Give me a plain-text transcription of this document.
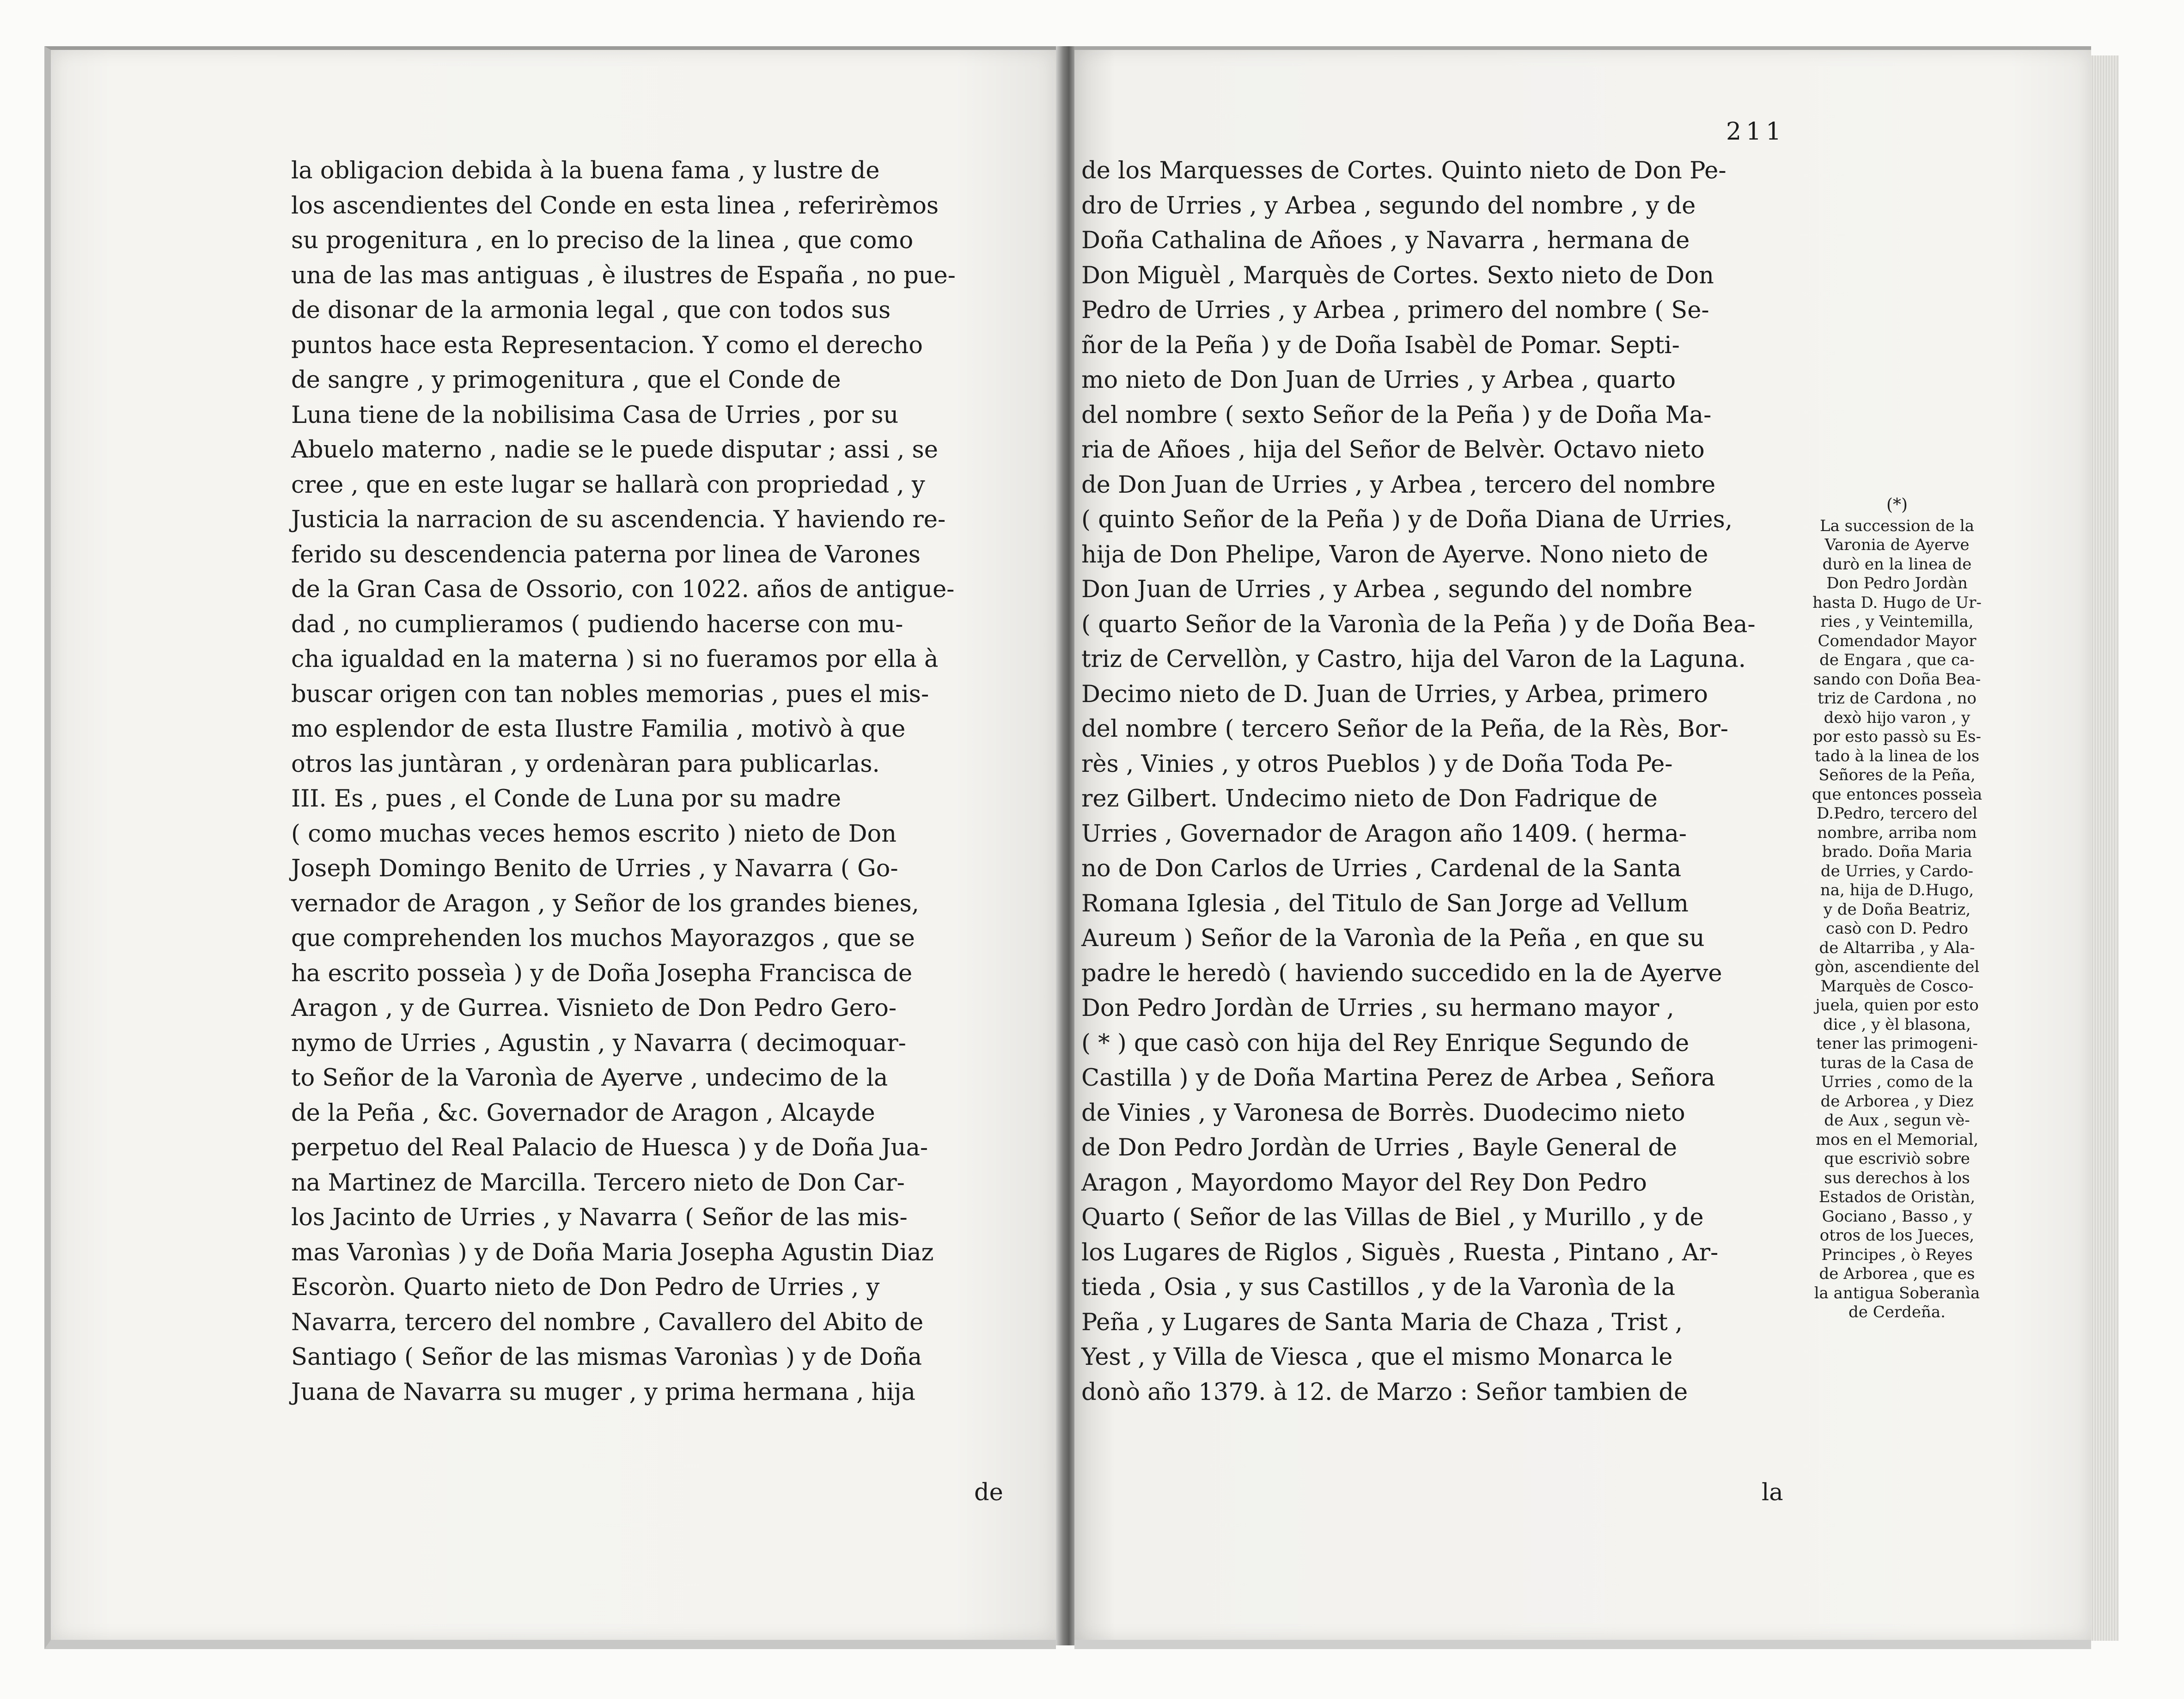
la obligacion debida à la buena fama , y lustre de
los ascendientes del Conde en esta linea , referirèmos
su progenitura , en lo preciso de la linea , que como
una de las mas antiguas , è ilustres de España , no pue-
de disonar de la armonia legal , que con todos sus
puntos hace esta Representacion. Y como el derecho
de sangre , y primogenitura , que el Conde de
Luna tiene de la nobilisima Casa de Urries , por su
Abuelo materno , nadie se le puede disputar ; assi , se
cree , que en este lugar se hallarà con propriedad , y
Justicia la narracion de su ascendencia. Y haviendo re-
ferido su descendencia paterna por linea de Varones
de la Gran Casa de Ossorio, con 1022. años de antigue-
dad , no cumplieramos ( pudiendo hacerse con mu-
cha igualdad en la materna ) si no fueramos por ella à
buscar origen con tan nobles memorias , pues el mis-
mo esplendor de esta Ilustre Familia , motivò à que
otros las juntàran , y ordenàran para publicarlas.
III. Es , pues , el Conde de Luna por su madre
( como muchas veces hemos escrito ) nieto de Don
Joseph Domingo Benito de Urries , y Navarra ( Go-
vernador de Aragon , y Señor de los grandes bienes,
que comprehenden los muchos Mayorazgos , que se
ha escrito posseìa ) y de Doña Josepha Francisca de
Aragon , y de Gurrea. Visnieto de Don Pedro Gero-
nymo de Urries , Agustin , y Navarra ( decimoquar-
to Señor de la Varonìa de Ayerve , undecimo de la
de la Peña , &c. Governador de Aragon , Alcayde
perpetuo del Real Palacio de Huesca ) y de Doña Jua-
na Martinez de Marcilla. Tercero nieto de Don Car-
los Jacinto de Urries , y Navarra ( Señor de las mis-
mas Varonìas ) y de Doña Maria Josepha Agustin Diaz
Escoròn. Quarto nieto de Don Pedro de Urries , y
Navarra, tercero del nombre , Cavallero del Abito de
Santiago ( Señor de las mismas Varonìas ) y de Doña
Juana de Navarra su muger , y prima hermana , hija
de
211
de los Marquesses de Cortes. Quinto nieto de Don Pe-
dro de Urries , y Arbea , segundo del nombre , y de
Doña Cathalina de Añoes , y Navarra , hermana de
Don Miguèl , Marquès de Cortes. Sexto nieto de Don
Pedro de Urries , y Arbea , primero del nombre ( Se-
ñor de la Peña ) y de Doña Isabèl de Pomar. Septi-
mo nieto de Don Juan de Urries , y Arbea , quarto
del nombre ( sexto Señor de la Peña ) y de Doña Ma-
ria de Añoes , hija del Señor de Belvèr. Octavo nieto
de Don Juan de Urries , y Arbea , tercero del nombre
( quinto Señor de la Peña ) y de Doña Diana de Urries,
hija de Don Phelipe, Varon de Ayerve. Nono nieto de
Don Juan de Urries , y Arbea , segundo del nombre
( quarto Señor de la Varonìa de la Peña ) y de Doña Bea-
triz de Cervellòn, y Castro, hija del Varon de la Laguna.
Decimo nieto de D. Juan de Urries, y Arbea, primero
del nombre ( tercero Señor de la Peña, de la Rès, Bor-
rès , Vinies , y otros Pueblos ) y de Doña Toda Pe-
rez Gilbert. Undecimo nieto de Don Fadrique de
Urries , Governador de Aragon año 1409. ( herma-
no de Don Carlos de Urries , Cardenal de la Santa
Romana Iglesia , del Titulo de San Jorge ad Vellum
Aureum ) Señor de la Varonìa de la Peña , en que su
padre le heredò ( haviendo succedido en la de Ayerve
Don Pedro Jordàn de Urries , su hermano mayor ,
( * ) que casò con hija del Rey Enrique Segundo de
Castilla ) y de Doña Martina Perez de Arbea , Señora
de Vinies , y Varonesa de Borrès. Duodecimo nieto
de Don Pedro Jordàn de Urries , Bayle General de
Aragon , Mayordomo Mayor del Rey Don Pedro
Quarto ( Señor de las Villas de Biel , y Murillo , y de
los Lugares de Riglos , Siguès , Ruesta , Pintano , Ar-
tieda , Osia , y sus Castillos , y de la Varonìa de la
Peña , y Lugares de Santa Maria de Chaza , Trist ,
Yest , y Villa de Viesca , que el mismo Monarca le
donò año 1379. à 12. de Marzo : Señor tambien de
la
(*)
La succession de la
Varonia de Ayerve
durò en la linea de
Don Pedro Jordàn
hasta D. Hugo de Ur-
ries , y Veintemilla,
Comendador Mayor
de Engara , que ca-
sando con Doña Bea-
triz de Cardona , no
dexò hijo varon , y
por esto passò su Es-
tado à la linea de los
Señores de la Peña,
que entonces posseìa
D.Pedro, tercero del
nombre, arriba nom
brado. Doña Maria
de Urries, y Cardo-
na, hija de D.Hugo,
y de Doña Beatriz,
casò con D. Pedro
de Altarriba , y Ala-
gòn, ascendiente del
Marquès de Cosco-
juela, quien por esto
dice , y èl blasona,
tener las primogeni-
turas de la Casa de
Urries , como de la
de Arborea , y Diez
de Aux , segun vè-
mos en el Memorial,
que escriviò sobre
sus derechos à los
Estados de Oristàn,
Gociano , Basso , y
otros de los Jueces,
Principes , ò Reyes
de Arborea , que es
la antigua Soberanìa
de Cerdeña.
